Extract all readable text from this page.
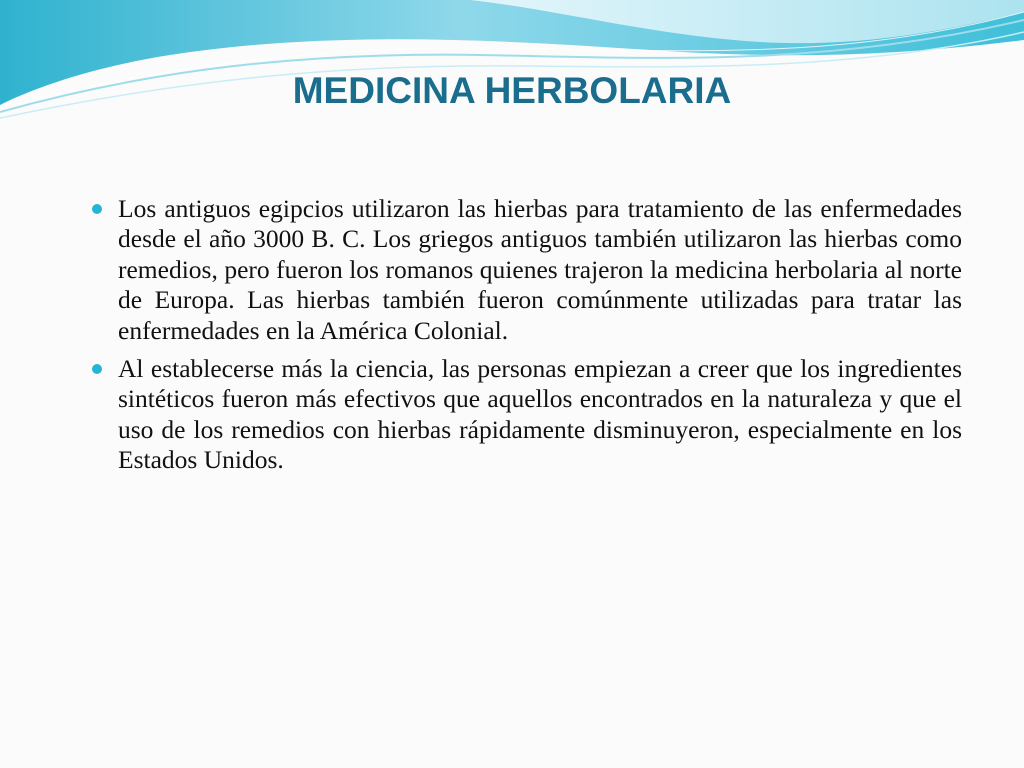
MEDICINA HERBOLARIA
Los antiguos egipcios utilizaron las hierbas para tratamiento de las enfermedades desde el año 3000 B. C. Los griegos antiguos también utilizaron las hierbas como remedios, pero fueron los romanos quienes trajeron la medicina herbolaria al norte de Europa. Las hierbas también fueron comúnmente utilizadas para tratar las enfermedades en la América Colonial.
Al establecerse más la ciencia, las personas empiezan a creer que los ingredientes sintéticos fueron más efectivos que aquellos encontrados en la naturaleza y que el uso de los remedios con hierbas rápidamente disminuyeron, especialmente en los Estados Unidos.
